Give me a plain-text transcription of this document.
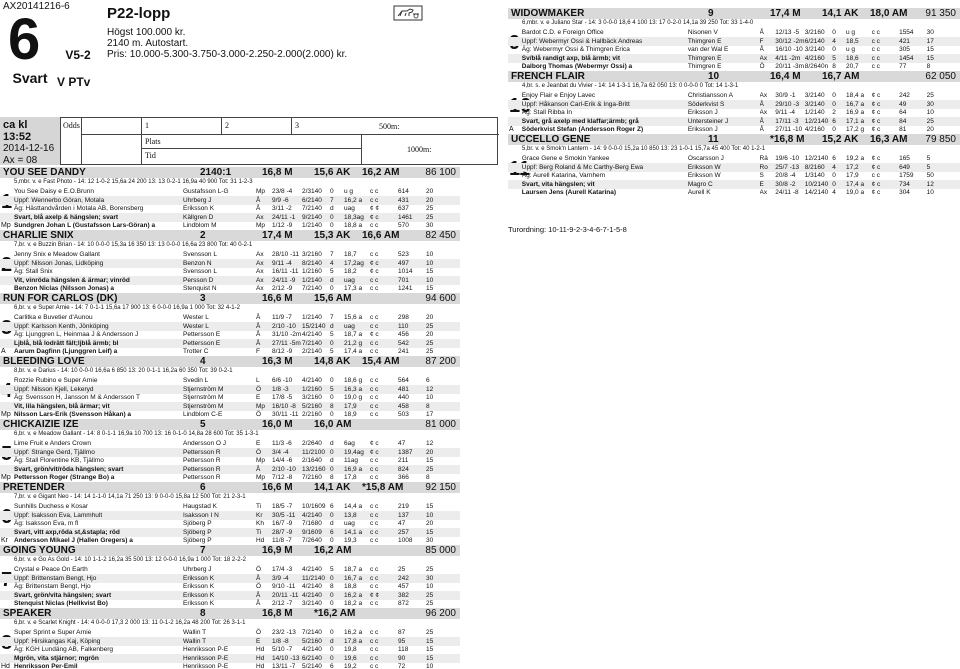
AX20141216-6
6	V5-2
Svart V PTv
P22-lopp
Högst 100.000 kr.
2140 m. Autostart.
Pris: 10.000-5.300-3.750-3.000-2.250-2.000(2.000) kr.
ca kl 13:52
2014-12-16
Ax = 08
Odds	1	2	3
Plats
Tid
500m:
1000m:
YOU SEE DANDY	2140:1	16,8 M 15,6 AK 16,2 AM	86 100
5,mbr. v. e Fast Photo - 14: 12 1-0-2 15,6a 24 200 13: 13 0-2-1 16,9a 40 900 Tot: 31 1-2-3
Mp
You See Daisy e E.O.Brunn	Gustafsson L-G	Mp	23/8 -4	2/3140	0	u g	c c	614	20
Uppf: Wennerbo Göran, Motala	Uhrberg J	Å	9/9 -6	6/2140	7	16,2 a	c c	431	20
Äg: Hästtandvården i Motala AB, Borensberg	Eriksson K	Å	3/11 -2	7/2140	d	uag	¢ ¢	637	25
Svart, blå axelp & hängslen; svart	Källgren D	Ax	24/11 -1	9/2140	0	18,3ag ¢ c	1461	25
Sundgren Johan L (Gustafsson Lars-Göran) a	Lindblom M	Mp	1/12 -9	1/2140	0	18,8 a	c c	570	30
CHARLIE SNIX	2	17,4 M 15,3 AK 16,6 AM	82 450
7,br. v. e Buzzin Brian - 14: 10 0-0-0 15,3a 16 350 13: 13 0-0-0 16,6a 23 800 Tot: 40 0-2-1
Jenny Snix e Meadow Gallant	Svensson L	Ax	28/10 -11 3/2160	7	18,7	c c	523	10
Uppf: Nilsson Jonas, Lidköping	Benzon N	Ax	9/11 -4	8/2140	4	17,2ag ¢ c	497	10
Äg: Stall Snix	Svensson L	Ax	16/11 -11 1/2160	5	18,2	¢ c	1014	15
Vit, vinröda hängslen & ärmar; vinröd	Persson D	Ax	24/11 -9	1/2140	d	uag	c c	701	10
Benzon Niclas (Nilsson Jonas) a	Stenquist N	Ax	2/12 -9	7/2140	0	17,3 a	c c	1241	15
RUN FOR CARLOS (DK)	3	16,6 M 15,6 AM	94 600
6,br. v. e Super Arnie - 14: 7 0-1-1 15,6a 17 900 13: 6 0-0-0 16,9a 1 000 Tot: 32 4-1-2
Å
Carlitka e Buvetier d'Aunou	Wester L	Å	11/9 -7	1/2140	7	15,6 a	c c	298	20
Uppf: Karlsson Kenth, Jönköping	Wester L	Å	2/10 -10 15/2140 d	uag	c c	110	25
Äg: Ljunggren L, Heinmaa J & Andersson J	Pettersson E	Å	31/10 -2m 4/2140	5	18,7 a	¢ c	456	20
Ljblå, blå lodrätt fält;ljblå ärmb; bl	Pettersson E	Å	27/11 -5m 7/2140	0	21,2 g	c c	542	25
Aarum Dagfinn (Ljunggren Leif) a	Trotter C	F	8/12 -9	2/2140	5	17,4 a	c c	241	25
BLEEDING LOVE	4	16,3 M 14,8 AK 15,4 AM	87 200
8,br. v. e Darius - 14: 10 0-0-0 16,6a 6 850 13: 20 0-1-1 16,2a 60 350 Tot: 39 0-2-1
Mp
Rozzie Rubino e Super Arnie	Svedin L	L	6/6 -10	4/2140	0	18,6 g	c c	564	6
Uppf: Nilsson Kjell, Lekeryd	Stjernström M	Ö	1/8 -3	1/2160	5	16,3 a	c c	481	12
Äg: Svensson H, Jansson M & Andersson T	Stjernström M	E	17/8 -5	3/2160	0	19,0 g	c c	440	10
Vit, lila hängslen, blå ärmar; vit	Stjernström M	Mp	16/10 -8 5/2160	8	17,9	c c	458	8
Nilsson Lars-Erik (Svensson Håkan) a	Lindblom C-E	Ö	30/11 -11 2/2160	0	18,9	c c	503	17
CHICKAIZIE IZE	5	16,0 M 16,0 AM	81 000
6,br. v. e Meadow Gallant - 14: 8 0-1-1 16,9a 10 700 13: 16 0-1-0 14,8a 28 600 Tot: 35 1-3-1
Mp
Lime Fruit e Anders Crown	Andersson O J	E	11/3 -6	2/2640	d	6ag	¢ c	47	12
Uppf: Strange Gerd, Tjällmo	Pettersson R	Ö	3/4 -4	11/2100 0	19,4ag ¢ c	1387	20
Äg: Stall Florentine KB, Tjällmo	Pettersson R	Mp	14/4 -6	2/1640	d	11ag	c c	211	15
Svart, grön/vit/röda hängslen; svart	Pettersson R	Å	2/10 -10 13/2160 0	16,9 a	c c	824	25
Pettersson Roger (Strange Bo) a	Pettersson R	Mp	7/12 -8	7/2160	8	17,8	c c	366	8
PRETENDER	6	16,6 M 14,1 AK *15,8 AM 92 150
7,br. v. e Gigant Neo - 14: 14 1-1-0 14,1a 71 250 13: 9 0-0-0 15,8a 12 500 Tot: 21 2-3-1
Kr
Sunhills Duchess e Kosar	Haugstad K	Ti	18/5 -7	10/1609 6	14,4 a	c c	219	15
Uppf: Isaksson Eva, Lammhult	Isaksson I N	Kr	30/5 -11	4/2140	0	13,8	c c	137	10
Äg: Isaksson Eva, m fl	Sjöberg P	Kh	16/7 -9	7/1680	d	uag	c c	47	20
Svart, vitt axp,röda st,&stapla; röd	Sjöberg P	Ti	28/7 -9	9/1609	6	14,1 a	c c	257	15
Andersson Mikael J (Hallen Gregers) a	Sjöberg P	Hd	11/8 -7	7/2640	0	19,3	c c	1008	30
GOING YOUNG	7	16,9 M 16,2 AM	85 000
6,br. v. e Go As Gold - 14: 10 1-1-2 16,2a 35 500 13: 12 0-0-0 16,9a 1 000 Tot: 18 2-2-2
Crystal e Peace On Earth	Uhrberg J	Ö	17/4 -3	4/2140	5	18,7 a	c c	25	25
Uppf: Brittenstam Bengt, Hjo	Eriksson K	Å	3/9 -4	11/2140 0	16,7 a	c c	242	30
Äg: Brittenstam Bengt, Hjo	Eriksson K	Ö	9/10 -11	4/2140	8	18,8	c c	457	10
Svart, grön/vita hängslen; svart	Eriksson K	Å	20/11 -11 4/2140	0	16,2 a	¢ ¢	382	25
Stenquist Niclas (Hellkvist Bo)	Eriksson K	Å	2/12 -7	3/2140	0	18,2 a	c c	872	25
SPEAKER	8	16,8 M *16,2 AM	96 200
6,br. v. e Scarlet Knight - 14: 4 0-0-0 17,3 2 000 13: 11 0-1-2 16,2a 48 200 Tot: 26 3-1-1
Hd
Super Sprint e Super Arnie	Wallin T	Ö	23/2 -13 7/2140	0	16,2 a	c c	87	25
Uppf: Hirsikangas Kaj, Köping	Wallin T	E	1/8 -8	5/2160	d	17,8 a	c c	95	15
Äg: KGH Lundäng AB, Falkenberg	Henriksson P-E	Hd	5/10 -7	4/2140	0	19,8	c c	118	15
Mgrön, vita stjärnor; mgrön	Henriksson P-E	Hd	14/10 -13 6/2140	0	19,6	c c	90	15
Henriksson Per-Emil	Henriksson P-E	Hd	13/11 -7	5/2140	6	19,2	c c	72	10
WIDOWMAKER	9	17,4 M 14,1 AK 18,0 AM 91 350
6,mbr. v. e Juliano Star - 14: 3 0-0-0 18,6 4 100 13: 17 0-2-0 14,1a 39 250 Tot: 33 1-4-0
Bardot C.D. e Foreign Office	Nisonen V	Å	12/13 -5 3/2160	0	u g	c c	1554	30
Uppf: Webermyr Ossi & Hallbäck Andreas	Thimgren E	F	30/12 -2m 6/2140	4	18,5	c c	421	17
Äg: Webermyr Ossi & Thimgren Erica	van der Wal E	Å	16/10 -10 3/2140	0	u g	c c	305	15
Sv/blå randigt axp, blå ärmb; vit	Thimgren E	Ax	4/11 -2m 4/2160	5	18,6	c c	1454	15
Dalborg Thomas (Webermyr Ossi) a	Thimgren E	Ö	20/11 -3m 8/2640n 8	20,7	c c	77	8
FRENCH FLAIR	10	16,4 M 16,7 AM	62 050
4,br. s. e Jeanbat du Vivier - 14: 14 1-3-1 16,7a 62 050 13: 0 0-0-0 0 Tot: 14 1-3-1
Å
Enjoy Flair e Enjoy Lavec	Christiansson A	Ax	30/9 -1	3/2140	0	18,4 a	¢ c	242	25
Uppf: Håkanson Carl-Erik & Inga-Britt	Söderkvist S	Å	29/10 -3 3/2140	0	16,7 a	¢ c	49	30
Äg: Stall Ribba In	Eriksson J	Ax	9/11 -4	1/2140	2	16,9 a	¢ c	64	10
Svart, grå axelp med klaffar;ärmb; grå	Untersteiner J	Å	17/11 -3 12/2140 6	17,1 a	¢ c	84	25
Söderkvist Stefan (Andersson Roger Z)	Eriksson J	Å	27/11 -10 4/2160	0	17,2 g	¢ c	81	20
UCCELLO GENE	11	*16,8 M 15,2 AK 16,3 AM 79 850
5,br. v. e Smok'n Lantern - 14: 9 0-0-0 15,2a 10 850 13: 23 1-0-1 15,7a 45 400 Tot: 40 1-2-1
Grace Gene e Smokin Yankee	Oscarsson J	Rä	19/6 -10 12/2140 6	19,2 a	¢ c	165	5
Uppf: Berg Roland & Mc Carthy-Berg Ewa	Eriksson W	Ro	25/7 -13 8/2160	4	17,2	¢ c	649	5
Äg: Aurell Katarina, Varnhem	Eriksson W	S	20/8 -4	1/3140	0	17,9	c c	1759	50
Svart, vita hängslen; vit	Magro C	E	30/8 -2	10/2140 0	17,4 a	¢ c	734	12
Laursen Jens (Aurell Katarina)	Aurell K	Ax	24/11 -8 14/2140 4	19,0 a	¢ c	304	10
Turordning: 10-11-9-2-3-4-6-7-1-5-8
